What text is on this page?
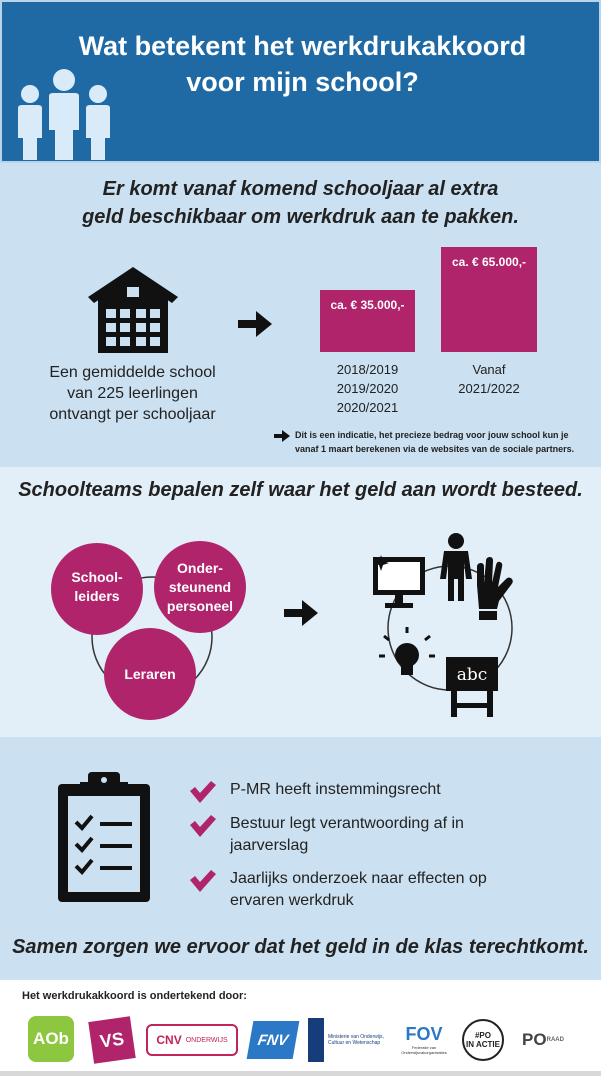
Wat betekent het werkdrukakkoord
voor mijn school?
Er komt vanaf komend schooljaar al extra
geld beschikbaar om werkdruk aan te pakken.
Een gemiddelde school
van 225 leerlingen
ontvangt per schooljaar
ca. € 35.000,-
ca. € 65.000,-
2018/2019
2019/2020
2020/2021
Vanaf
2021/2022
Dit is een indicatie, het precieze bedrag voor jouw school kun je
vanaf 1 maart berekenen via de websites van de sociale partners.
Schoolteams bepalen zelf waar het geld aan wordt besteed.
School-
leiders
Onder-
steunend
personeel
Leraren	abc
P-MR heeft instemmingsrecht
Bestuur legt verantwoording af in
jaarverslag
Jaarlijks onderzoek naar effecten op
ervaren werkdruk
Samen zorgen we ervoor dat het geld in de klas terechtkomt.
Het werkdrukakkoord is ondertekend door:
AOb VS	CNV ONDERWIJS FNV	Ministerie van Onderwijs, Cultuur en Wetenschap	FOV
Federatie van Onderwijsvakorganisaties
#PO
IN ACTIE PO RAAD
